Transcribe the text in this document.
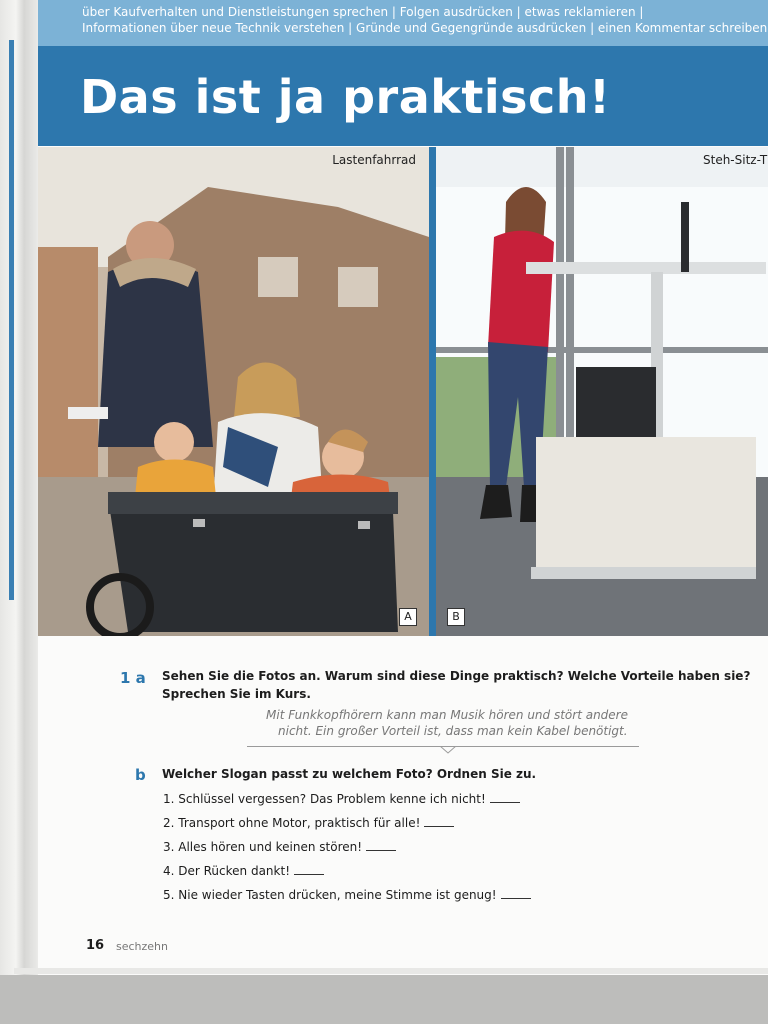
über Kaufverhalten und Dienstleistungen sprechen | Folgen ausdrücken | etwas reklamieren |
Informationen über neue Technik verstehen | Gründe und Gegengründe ausdrücken | einen Kommentar schreiben
Das ist ja praktisch!
Lastenfahrrad
A
Steh-Sitz-T
B
1 a Sehen Sie die Fotos an. Warum sind diese Dinge praktisch? Welche Vorteile haben sie?
Sprechen Sie im Kurs.
Mit Funkkopfhörern kann man Musik hören und stört andere
nicht. Ein großer Vorteil ist, dass man kein Kabel benötigt.
b Welcher Slogan passt zu welchem Foto? Ordnen Sie zu.
1. Schlüssel vergessen? Das Problem kenne ich nicht!
2. Transport ohne Motor, praktisch für alle!
3. Alles hören und keinen stören!
4. Der Rücken dankt!
5. Nie wieder Tasten drücken, meine Stimme ist genug!
16 sechzehn
